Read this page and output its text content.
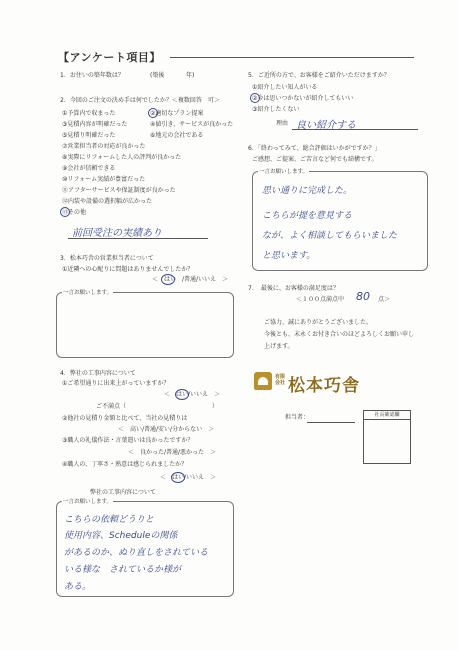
【アンケート項目】
1．お住いの築年数は？	(築後	年)
2．今回のご注文の決め手は何でしたか？＜複数回答　可＞
①予算内で収まった
③見積内容が明確だった
⑤見積り明確だった
⑦営業担当者の対応が良かった
⑧実際にリフォームした人の評判が良かった
⑨会社が信頼できる
⑩リフォーム実績が豊富だった
⑪アフターサービスや保証制度が良かった
⑫内装や設備の選択幅が広かった
⑬その他
②適切なプラン提案
④値引き、サービスが良かった
⑥地元の会社である
前回受注の実績あり
3．松本巧舎の営業担当者について
①近隣への心配りに問題はありませんでしたか？
＜　はい　/普通/いいえ　＞
一言お願いします。
4．弊社の工事内容について
①ご希望通りに出来上がっていますか？
＜　はい/いいえ　＞
ご不満点（	）
②他社の見積り金額と比べて、当社の見積りは
＜　高い/普通/安い/分からない　＞
③職人の礼儀作法・言葉遣いは良かったですか？
＜　良かった/普通/悪かった　＞
④職人の、丁寧さ・熟意は感じられましたか？
＜　はい/いいえ　＞
弊社の工事内容について
一言お願いします。
こちらの依頼どうりと
使用内容、Scheduleの関係
があるのか、ぬり直しをされている
いる様な　されているか様が
ある。
5．ご近所の方で、お客様をご紹介いただけますか？
①紹介したい知人がいる
②今は思いつかないが紹介してもいい
③紹介したくない
理由 良い紹介する
6．「終わってみて、総合評価はいかがですか？」
ご感想、ご提案、ご苦言など何でも結構です。
一言お願いします。
思い通りに完成した。
こちらが提を意見する
なが、よく相談してもらいました
と思います。
7．　最後に、お客様の満足度は？
＜１００点満点中 80 点＞
ご協力、誠にありがとうございました。
今後とも、末永くお付き合いのほどよろしくお願い申し
上げます。
有限会社 松本巧舎
担当者：	社長確認欄
